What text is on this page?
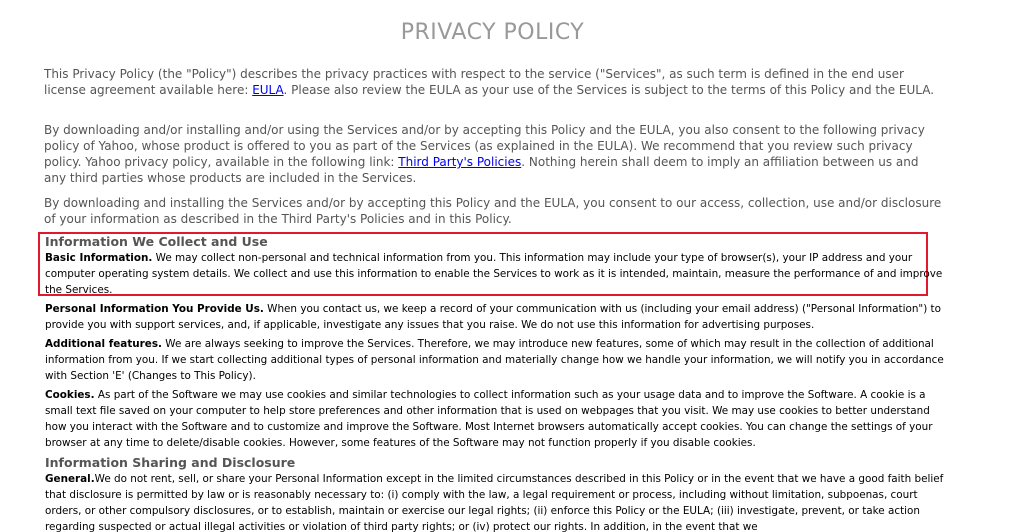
PRIVACY POLICY

This Privacy Policy (the "Policy") describes the privacy practices with respect to the service ("Services", as such term is defined in the end user license agreement available here: EULA. Please also review the EULA as your use of the Services is subject to the terms of this Policy and the EULA.

By downloading and/or installing and/or using the Services and/or by accepting this Policy and the EULA, you also consent to the following privacy policy of Yahoo, whose product is offered to you as part of the Services (as explained in the EULA). We recommend that you review such privacy policy. Yahoo privacy policy, available in the following link: Third Party's Policies. Nothing herein shall deem to imply an affiliation between us and any third parties whose products are included in the Services.

By downloading and installing the Services and/or by accepting this Policy and the EULA, you consent to our access, collection, use and/or disclosure of your information as described in the Third Party's Policies and in this Policy.

Information We Collect and Use

Basic Information. We may collect non-personal and technical information from you. This information may include your type of browser(s), your IP address and your computer operating system details. We collect and use this information to enable the Services to work as it is intended, maintain, measure the performance of and improve the Services.

Personal Information You Provide Us. When you contact us, we keep a record of your communication with us (including your email address) ("Personal Information") to provide you with support services, and, if applicable, investigate any issues that you raise. We do not use this information for advertising purposes.

Additional features. We are always seeking to improve the Services. Therefore, we may introduce new features, some of which may result in the collection of additional information from you. If we start collecting additional types of personal information and materially change how we handle your information, we will notify you in accordance with Section 'E' (Changes to This Policy).

Cookies. As part of the Software we may use cookies and similar technologies to collect information such as your usage data and to improve the Software. A cookie is a small text file saved on your computer to help store preferences and other information that is used on webpages that you visit. We may use cookies to better understand how you interact with the Software and to customize and improve the Software. Most Internet browsers automatically accept cookies. You can change the settings of your browser at any time to delete/disable cookies. However, some features of the Software may not function properly if you disable cookies.

Information Sharing and Disclosure

General.We do not rent, sell, or share your Personal Information except in the limited circumstances described in this Policy or in the event that we have a good faith belief that disclosure is permitted by law or is reasonably necessary to: (i) comply with the law, a legal requirement or process, including without limitation, subpoenas, court orders, or other compulsory disclosures, or to establish, maintain or exercise our legal rights; (ii) enforce this Policy or the EULA; (iii) investigate, prevent, or take action regarding suspected or actual illegal activities or violation of third party rights; or (iv) protect our rights. In addition, in the event that we
